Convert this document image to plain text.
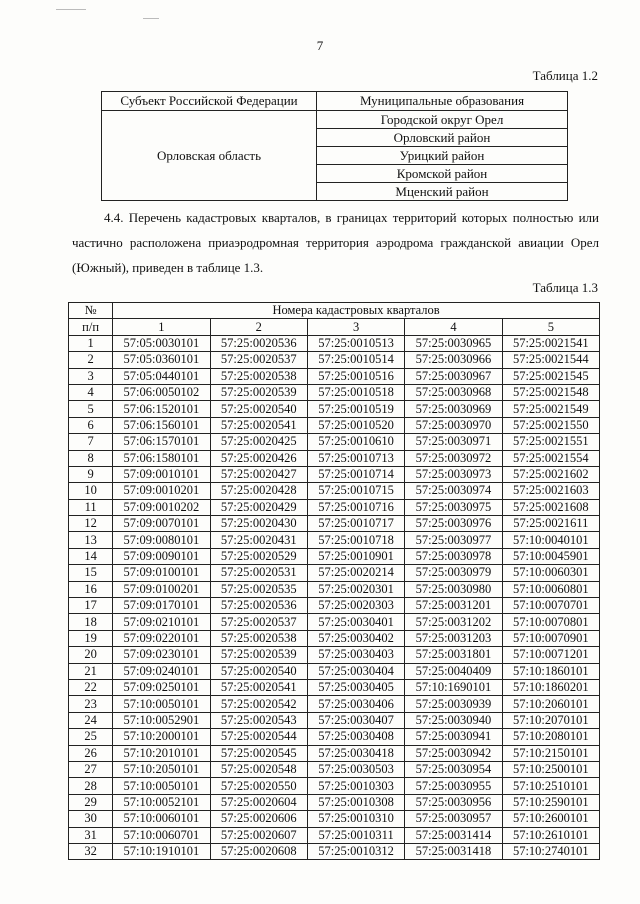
7
Таблица 1.2
Субъект Российской Федерации	Муниципальные образования
Орловская область	Городской округ Орел
	Орловский район
	Урицкий район
	Кромской район
	Мценский район
4.4. Перечень кадастровых кварталов, в границах территорий которых полностью или частично расположена приаэродромная территория аэродрома гражданской авиации Орел (Южный), приведен в таблице 1.3.
Таблица 1.3
№	Номера кадастровых кварталов				
п/п	1	2	3	4	5
1	57:05:0030101	57:25:0020536	57:25:0010513	57:25:0030965	57:25:0021541
2	57:05:0360101	57:25:0020537	57:25:0010514	57:25:0030966	57:25:0021544
3	57:05:0440101	57:25:0020538	57:25:0010516	57:25:0030967	57:25:0021545
4	57:06:0050102	57:25:0020539	57:25:0010518	57:25:0030968	57:25:0021548
5	57:06:1520101	57:25:0020540	57:25:0010519	57:25:0030969	57:25:0021549
6	57:06:1560101	57:25:0020541	57:25:0010520	57:25:0030970	57:25:0021550
7	57:06:1570101	57:25:0020425	57:25:0010610	57:25:0030971	57:25:0021551
8	57:06:1580101	57:25:0020426	57:25:0010713	57:25:0030972	57:25:0021554
9	57:09:0010101	57:25:0020427	57:25:0010714	57:25:0030973	57:25:0021602
10	57:09:0010201	57:25:0020428	57:25:0010715	57:25:0030974	57:25:0021603
11	57:09:0010202	57:25:0020429	57:25:0010716	57:25:0030975	57:25:0021608
12	57:09:0070101	57:25:0020430	57:25:0010717	57:25:0030976	57:25:0021611
13	57:09:0080101	57:25:0020431	57:25:0010718	57:25:0030977	57:10:0040101
14	57:09:0090101	57:25:0020529	57:25:0010901	57:25:0030978	57:10:0045901
15	57:09:0100101	57:25:0020531	57:25:0020214	57:25:0030979	57:10:0060301
16	57:09:0100201	57:25:0020535	57:25:0020301	57:25:0030980	57:10:0060801
17	57:09:0170101	57:25:0020536	57:25:0020303	57:25:0031201	57:10:0070701
18	57:09:0210101	57:25:0020537	57:25:0030401	57:25:0031202	57:10:0070801
19	57:09:0220101	57:25:0020538	57:25:0030402	57:25:0031203	57:10:0070901
20	57:09:0230101	57:25:0020539	57:25:0030403	57:25:0031801	57:10:0071201
21	57:09:0240101	57:25:0020540	57:25:0030404	57:25:0040409	57:10:1860101
22	57:09:0250101	57:25:0020541	57:25:0030405	57:10:1690101	57:10:1860201
23	57:10:0050101	57:25:0020542	57:25:0030406	57:25:0030939	57:10:2060101
24	57:10:0052901	57:25:0020543	57:25:0030407	57:25:0030940	57:10:2070101
25	57:10:2000101	57:25:0020544	57:25:0030408	57:25:0030941	57:10:2080101
26	57:10:2010101	57:25:0020545	57:25:0030418	57:25:0030942	57:10:2150101
27	57:10:2050101	57:25:0020548	57:25:0030503	57:25:0030954	57:10:2500101
28	57:10:0050101	57:25:0020550	57:25:0010303	57:25:0030955	57:10:2510101
29	57:10:0052101	57:25:0020604	57:25:0010308	57:25:0030956	57:10:2590101
30	57:10:0060101	57:25:0020606	57:25:0010310	57:25:0030957	57:10:2600101
31	57:10:0060701	57:25:0020607	57:25:0010311	57:25:0031414	57:10:2610101
32	57:10:1910101	57:25:0020608	57:25:0010312	57:25:0031418	57:10:2740101
